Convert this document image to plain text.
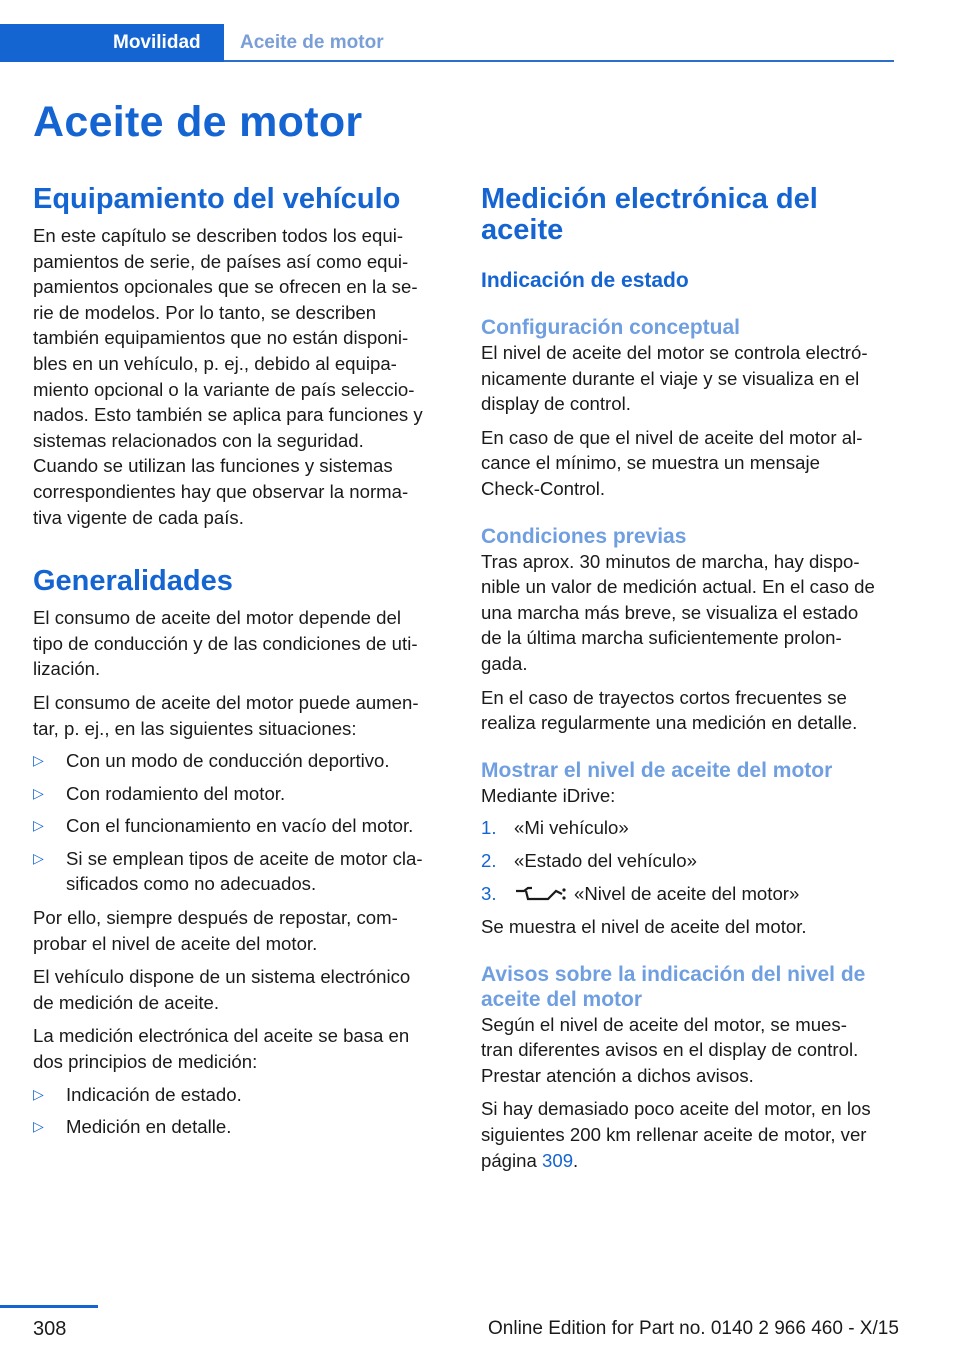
Movilidad	Aceite de motor
Aceite de motor
Equipamiento del vehículo

En este capítulo se describen todos los equi‐
pamientos de serie, de países así como equi‐
pamientos opcionales que se ofrecen en la se‐
rie de modelos. Por lo tanto, se describen
también equipamientos que no están disponi‐
bles en un vehículo, p. ej., debido al equipa‐
miento opcional o la variante de país seleccio‐
nados. Esto también se aplica para funciones y
sistemas relacionados con la seguridad.
Cuando se utilizan las funciones y sistemas
correspondientes hay que observar la norma‐
tiva vigente de cada país.

Generalidades

El consumo de aceite del motor depende del
tipo de conducción y de las condiciones de uti‐
lización.

El consumo de aceite del motor puede aumen‐
tar, p. ej., en las siguientes situaciones:

▷ Con un modo de conducción deportivo.
▷ Con rodamiento del motor.
▷ Con el funcionamiento en vacío del motor.
▷ Si se emplean tipos de aceite de motor cla‐
sificados como no adecuados.

Por ello, siempre después de repostar, com‐
probar el nivel de aceite del motor.

El vehículo dispone de un sistema electrónico
de medición de aceite.

La medición electrónica del aceite se basa en
dos principios de medición:

▷ Indicación de estado.
▷ Medición en detalle.
Medición electrónica del
aceite
Indicación de estado
Configuración conceptual

El nivel de aceite del motor se controla electró‐
nicamente durante el viaje y se visualiza en el
display de control.

En caso de que el nivel de aceite del motor al‐
cance el mínimo, se muestra un mensaje
Check-Control.

Condiciones previas

Tras aprox. 30 minutos de marcha, hay dispo‐
nible un valor de medición actual. En el caso de
una marcha más breve, se visualiza el estado
de la última marcha suficientemente prolon‐
gada.

En el caso de trayectos cortos frecuentes se
realiza regularmente una medición en detalle.

Mostrar el nivel de aceite del motor

Mediante iDrive:

1. «Mi vehículo»
2. «Estado del vehículo»
3.	«Nivel de aceite del motor»

Se muestra el nivel de aceite del motor.

Avisos sobre la indicación del nivel de
aceite del motor

Según el nivel de aceite del motor, se mues‐
tran diferentes avisos en el display de control.
Prestar atención a dichos avisos.

Si hay demasiado poco aceite del motor, en los
siguientes 200 km rellenar aceite de motor, ver
página 309.

308	Online Edition for Part no. 0140 2 966 460 - X/15
